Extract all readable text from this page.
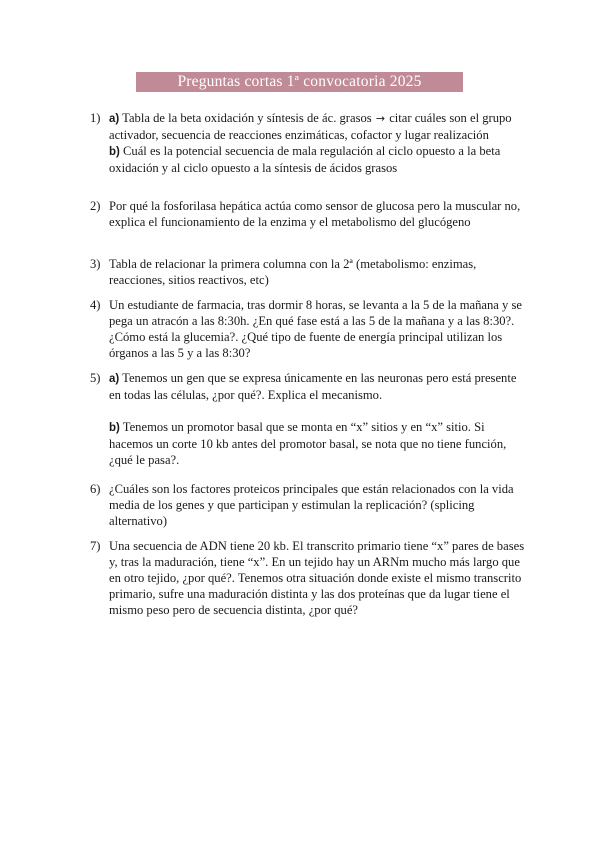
Preguntas cortas 1ª convocatoria 2025
1) a) Tabla de la beta oxidación y síntesis de ác. grasos → citar cuáles son el grupo activador, secuencia de reacciones enzimáticas, cofactor y lugar realización

b) Cuál es la potencial secuencia de mala regulación al ciclo opuesto a la beta oxidación y al ciclo opuesto a la síntesis de ácidos grasos

2) Por qué la fosforilasa hepática actúa como sensor de glucosa pero la muscular no, explica el funcionamiento de la enzima y el metabolismo del glucógeno

3) Tabla de relacionar la primera columna con la 2ª (metabolismo: enzimas, reacciones, sitios reactivos, etc)

4) Un estudiante de farmacia, tras dormir 8 horas, se levanta a la 5 de la mañana y se pega un atracón a las 8:30h. ¿En qué fase está a las 5 de la mañana y a las 8:30?. ¿Cómo está la glucemia?. ¿Qué tipo de fuente de energía principal utilizan los órganos a las 5 y a las 8:30?

5) a) Tenemos un gen que se expresa únicamente en las neuronas pero está presente en todas las células, ¿por qué?. Explica el mecanismo.

b) Tenemos un promotor basal que se monta en “x” sitios y en “x” sitio. Si hacemos un corte 10 kb antes del promotor basal, se nota que no tiene función, ¿qué le pasa?.

6) ¿Cuáles son los factores proteicos principales que están relacionados con la vida media de los genes y que participan y estimulan la replicación? (splicing alternativo)

7) Una secuencia de ADN tiene 20 kb. El transcrito primario tiene “x” pares de bases y, tras la maduración, tiene “x”. En un tejido hay un ARNm mucho más largo que en otro tejido, ¿por qué?. Tenemos otra situación donde existe el mismo transcrito primario, sufre una maduración distinta y las dos proteínas que da lugar tiene el mismo peso pero de secuencia distinta, ¿por qué?
